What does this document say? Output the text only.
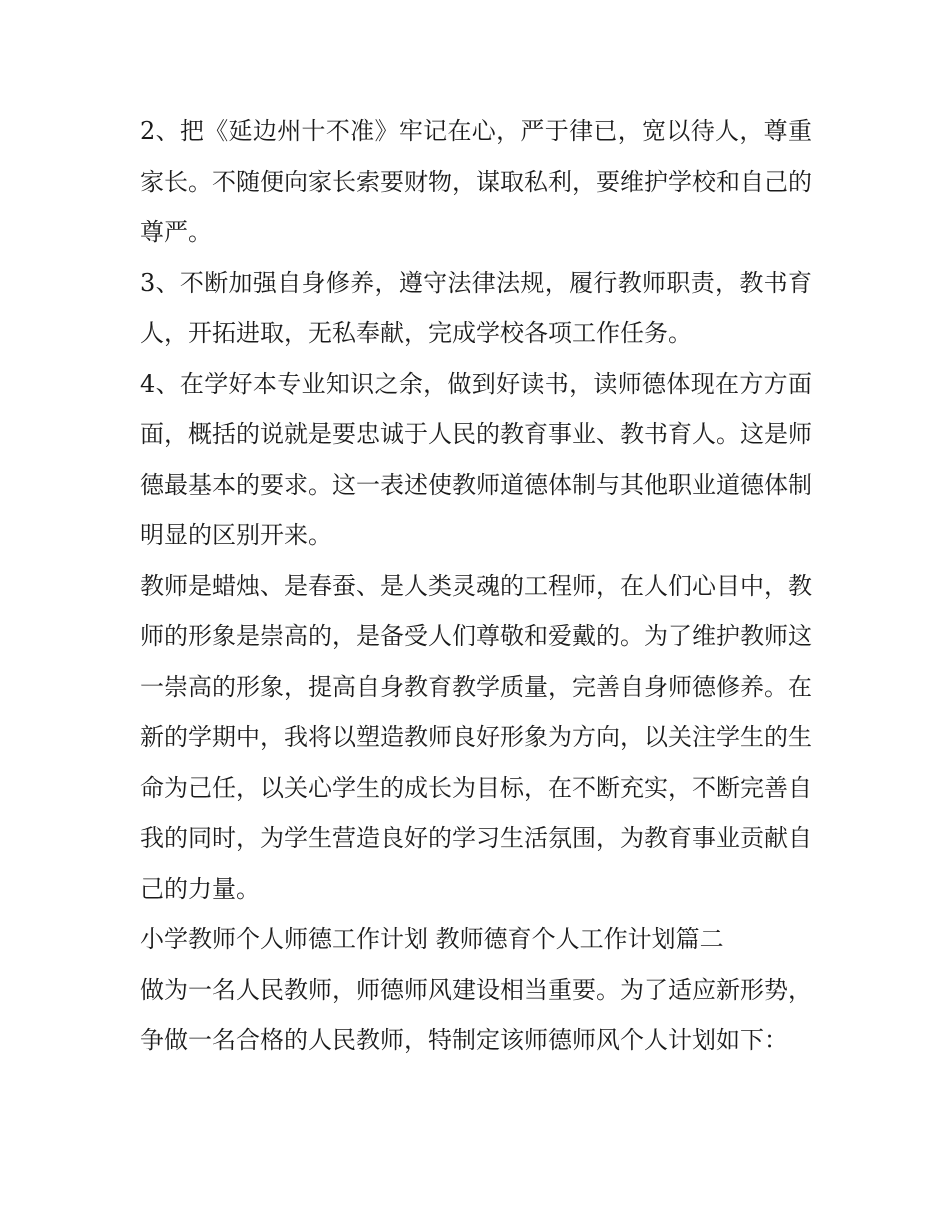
2、把《延边州十不准》牢记在心，严于律已，宽以待人，尊重家长。不随便向家长索要财物，谋取私利，要维护学校和自己的尊严。

3、不断加强自身修养，遵守法律法规，履行教师职责，教书育人，开拓进取，无私奉献，完成学校各项工作任务。

4、在学好本专业知识之余，做到好读书，读师德体现在方方面面，概括的说就是要忠诚于人民的教育事业、教书育人。这是师德最基本的要求。这一表述使教师道德体制与其他职业道德体制明显的区别开来。

教师是蜡烛、是春蚕、是人类灵魂的工程师，在人们心目中，教师的形象是崇高的，是备受人们尊敬和爱戴的。为了维护教师这一崇高的形象，提高自身教育教学质量，完善自身师德修养。在新的学期中，我将以塑造教师良好形象为方向，以关注学生的生命为己任，以关心学生的成长为目标，在不断充实，不断完善自我的同时，为学生营造良好的学习生活氛围，为教育事业贡献自己的力量。

小学教师个人师德工作计划 教师德育个人工作计划篇二

做为一名人民教师，师德师风建设相当重要。为了适应新形势，争做一名合格的人民教师，特制定该师德师风个人计划如下：
